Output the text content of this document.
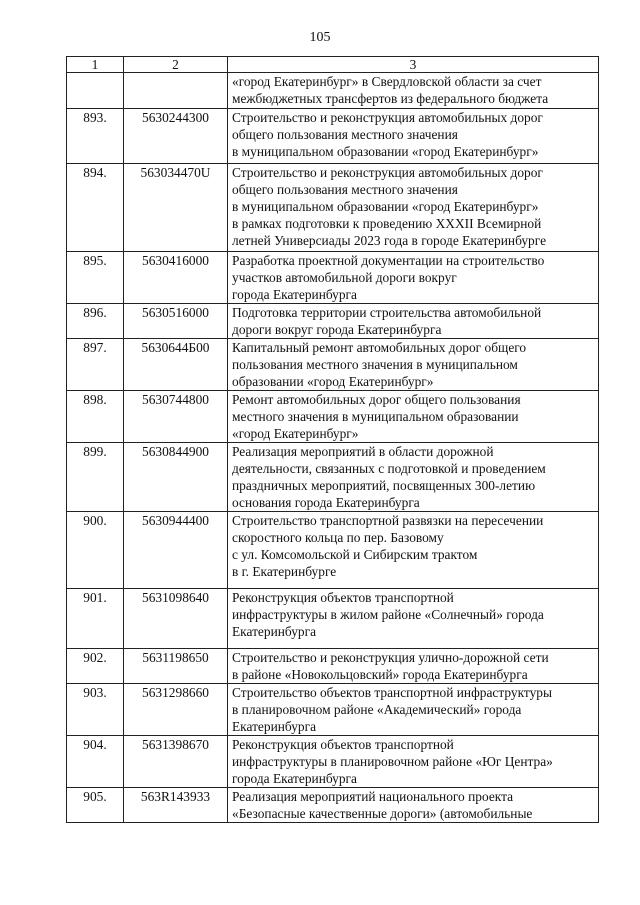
105
1	2	3

		«город Екатеринбург» в Свердловской области за счет
межбюджетных трансфертов из федерального бюджета

893.	5630244300	Строительство и реконструкция автомобильных дорог
общего пользования местного значения
в муниципальном образовании «город Екатеринбург»

894.	563034470U	Строительство и реконструкция автомобильных дорог
общего пользования местного значения
в муниципальном образовании «город Екатеринбург»
в рамках подготовки к проведению XXXII Всемирной
летней Универсиады 2023 года в городе Екатеринбурге

895.	5630416000	Разработка проектной документации на строительство
участков автомобильной дороги вокруг
города Екатеринбурга

896.	5630516000	Подготовка территории строительства автомобильной
дороги вокруг города Екатеринбурга

897.	5630644Б00	Капитальный ремонт автомобильных дорог общего
пользования местного значения в муниципальном
образовании «город Екатеринбург»

898.	5630744800	Ремонт автомобильных дорог общего пользования
местного значения в муниципальном образовании
«город Екатеринбург»

899.	5630844900	Реализация мероприятий в области дорожной
деятельности, связанных с подготовкой и проведением
праздничных мероприятий, посвященных 300-летию
основания города Екатеринбурга

900.	5630944400	Строительство транспортной развязки на пересечении
скоростного кольца по пер. Базовому
с ул. Комсомольской и Сибирским трактом
в г. Екатеринбурге

901.	5631098640	Реконструкция объектов транспортной
инфраструктуры в жилом районе «Солнечный» города
Екатеринбурга

902.	5631198650	Строительство и реконструкция улично-дорожной сети
в районе «Новокольцовский» города Екатеринбурга

903.	5631298660	Строительство объектов транспортной инфраструктуры
в планировочном районе «Академический» города
Екатеринбурга

904.	5631398670	Реконструкция объектов транспортной
инфраструктуры в планировочном районе «Юг Центра»
города Екатеринбурга

905.	563R143933	Реализация мероприятий национального проекта
«Безопасные качественные дороги» (автомобильные
